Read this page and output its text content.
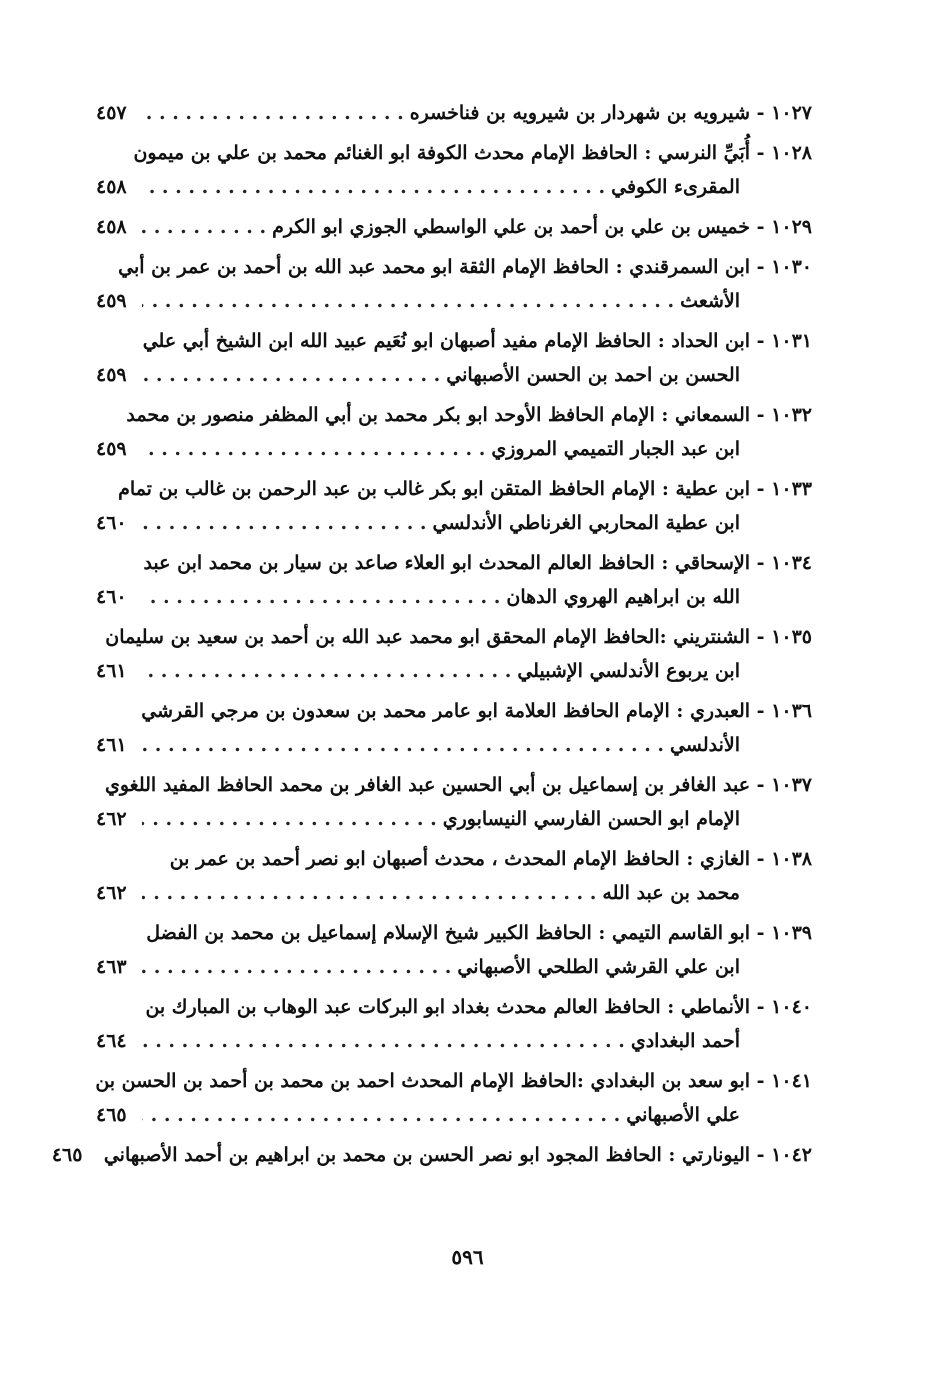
١٠٢٧ - شيرويه بن شهردار بن شيرويه بن فناخسره
. . .
٤٥٧
١٠٢٨ - أُبَيِّ النرسي : الحافظ الإمام محدث الكوفة ابو الغنائم محمد بن علي بن ميمون
المقرىء الكوفي
. . .
٤٥٨
١٠٢٩ - خميس بن علي بن أحمد بن علي الواسطي الجوزي ابو الكرم
. . .
٤٥٨
١٠٣٠ - ابن السمرقندي : الحافظ الإمام الثقة ابو محمد عبد الله بن أحمد بن عمر بن أبي
الأشعث
. . .
٤٥٩
١٠٣١ - ابن الحداد : الحافظ الإمام مفيد أصبهان ابو نُعَيم عبيد الله ابن الشيخ أبي علي
الحسن بن احمد بن الحسن الأصبهاني
. . .
٤٥٩
١٠٣٢ - السمعاني : الإمام الحافظ الأوحد ابو بكر محمد بن أبي المظفر منصور بن محمد
ابن عبد الجبار التميمي المروزي
. . .
٤٥٩
١٠٣٣ - ابن عطية : الإمام الحافظ المتقن ابو بكر غالب بن عبد الرحمن بن غالب بن تمام
ابن عطية المحاربي الغرناطي الأندلسي
. . .
٤٦٠
١٠٣٤ - الإسحاقي : الحافظ العالم المحدث ابو العلاء صاعد بن سيار بن محمد ابن عبد
الله بن ابراهيم الهروي الدهان
. . .
٤٦٠
١٠٣٥ - الشنتريني :الحافظ الإمام المحقق ابو محمد عبد الله بن أحمد بن سعيد بن سليمان
ابن يربوع الأندلسي الإشبيلي
. . .
٤٦١
١٠٣٦ - العبدري : الإمام الحافظ العلامة ابو عامر محمد بن سعدون بن مرجي القرشي
الأندلسي
. . .
٤٦١
١٠٣٧ - عبد الغافر بن إسماعيل بن أبي الحسين عبد الغافر بن محمد الحافظ المفيد اللغوي
الإمام ابو الحسن الفارسي النيسابوري
. . .
٤٦٢
١٠٣٨ - الغازي : الحافظ الإمام المحدث ، محدث أصبهان ابو نصر أحمد بن عمر بن
محمد بن عبد الله
. . .
٤٦٢
١٠٣٩ - ابو القاسم التيمي : الحافظ الكبير شيخ الإسلام إسماعيل بن محمد بن الفضل
ابن علي القرشي الطلحي الأصبهاني
. . .
٤٦٣
١٠٤٠ - الأنماطي : الحافظ العالم محدث بغداد ابو البركات عبد الوهاب بن المبارك بن
أحمد البغدادي
. . .
٤٦٤
١٠٤١ - ابو سعد بن البغدادي :الحافظ الإمام المحدث احمد بن محمد بن أحمد بن الحسن بن
علي الأصبهاني
. . .
٤٦٥
١٠٤٢ - اليونارتي : الحافظ المجود ابو نصر الحسن بن محمد بن ابراهيم بن أحمد الأصبهاني
٤٦٥
٥٩٦
